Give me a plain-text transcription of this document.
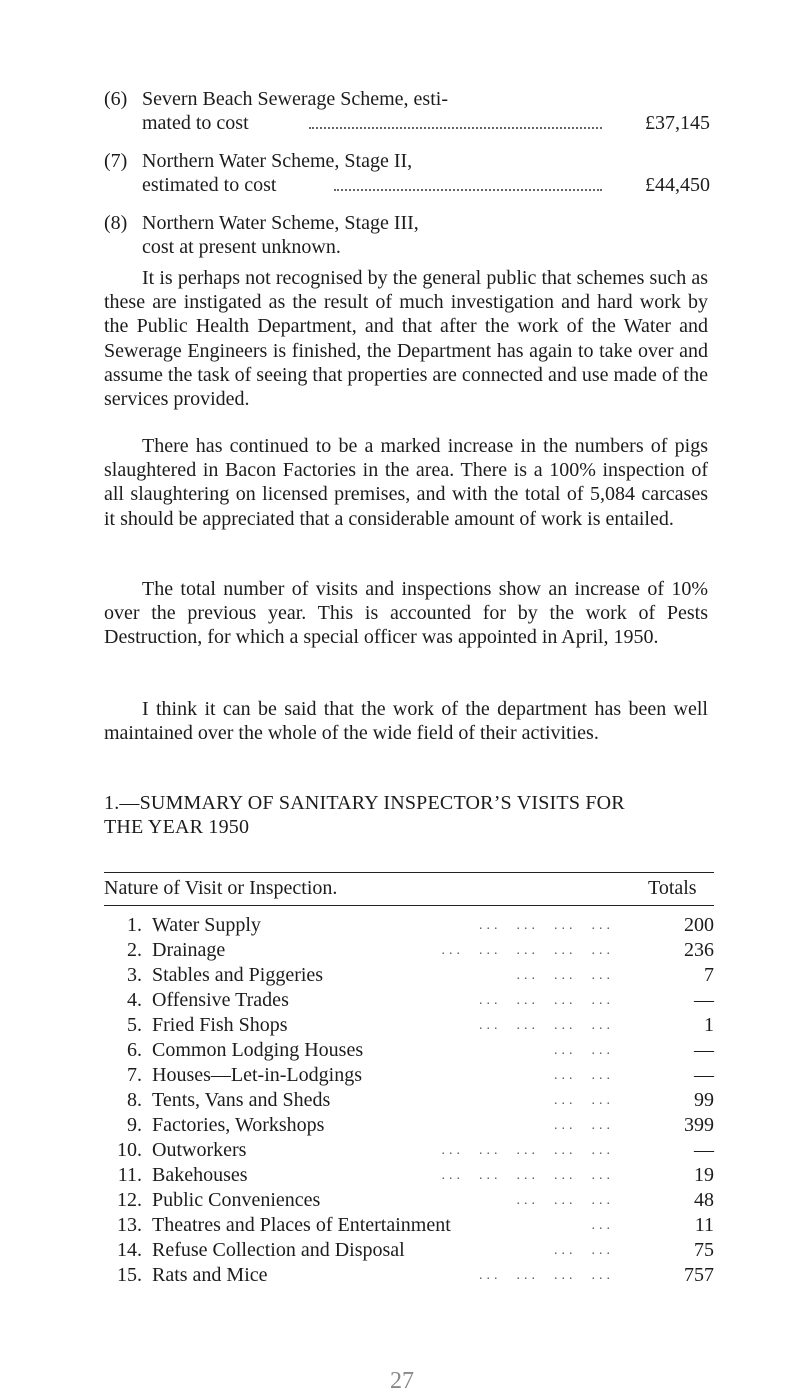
(6) Severn Beach Sewerage Scheme, esti-
mated to cost	£37,145
(7) Northern Water Scheme, Stage II,
estimated to cost	£44,450
(8) Northern Water Scheme, Stage III,
cost at present unknown.

It is perhaps not recognised by the general public that schemes such as these are instigated as the result of much investigation and hard work by the Public Health Department, and that after the work of the Water and Sewerage Engineers is finished, the Department has again to take over and assume the task of seeing that properties are connected and use made of the services provided.

There has continued to be a marked increase in the numbers of pigs slaughtered in Bacon Factories in the area. There is a 100% inspection of all slaughtering on licensed premises, and with the total of 5,084 carcases it should be appreciated that a considerable amount of work is entailed.

The total number of visits and inspections show an increase of 10% over the previous year. This is accounted for by the work of Pests Destruction, for which a special officer was appointed in April, 1950.

I think it can be said that the work of the department has been well maintained over the whole of the wide field of their activities.

1.—SUMMARY OF SANITARY INSPECTOR’S VISITS FOR
THE YEAR 1950
Nature of Visit or Inspection.	Totals
1. Water Supply	...  ...  ...  ...	200
2. Drainage	...  ...  ...  ...  ...	236
3. Stables and Piggeries	...  ...  ...	7
4. Offensive Trades	...  ...  ...  ...	—
5. Fried Fish Shops	...  ...  ...  ...	1
6. Common Lodging Houses	...  ...	—
7. Houses—Let-in-Lodgings	...  ...	—
8. Tents, Vans and Sheds	...  ...	99
9. Factories, Workshops	...  ...	399
10. Outworkers	...  ...  ...  ...  ...	—
11. Bakehouses	...  ...  ...  ...  ...	19
12. Public Conveniences	...  ...  ...	48
13. Theatres and Places of Entertainment	...	11
14. Refuse Collection and Disposal	...  ...	75
15. Rats and Mice	...  ...  ...  ...	757
27
